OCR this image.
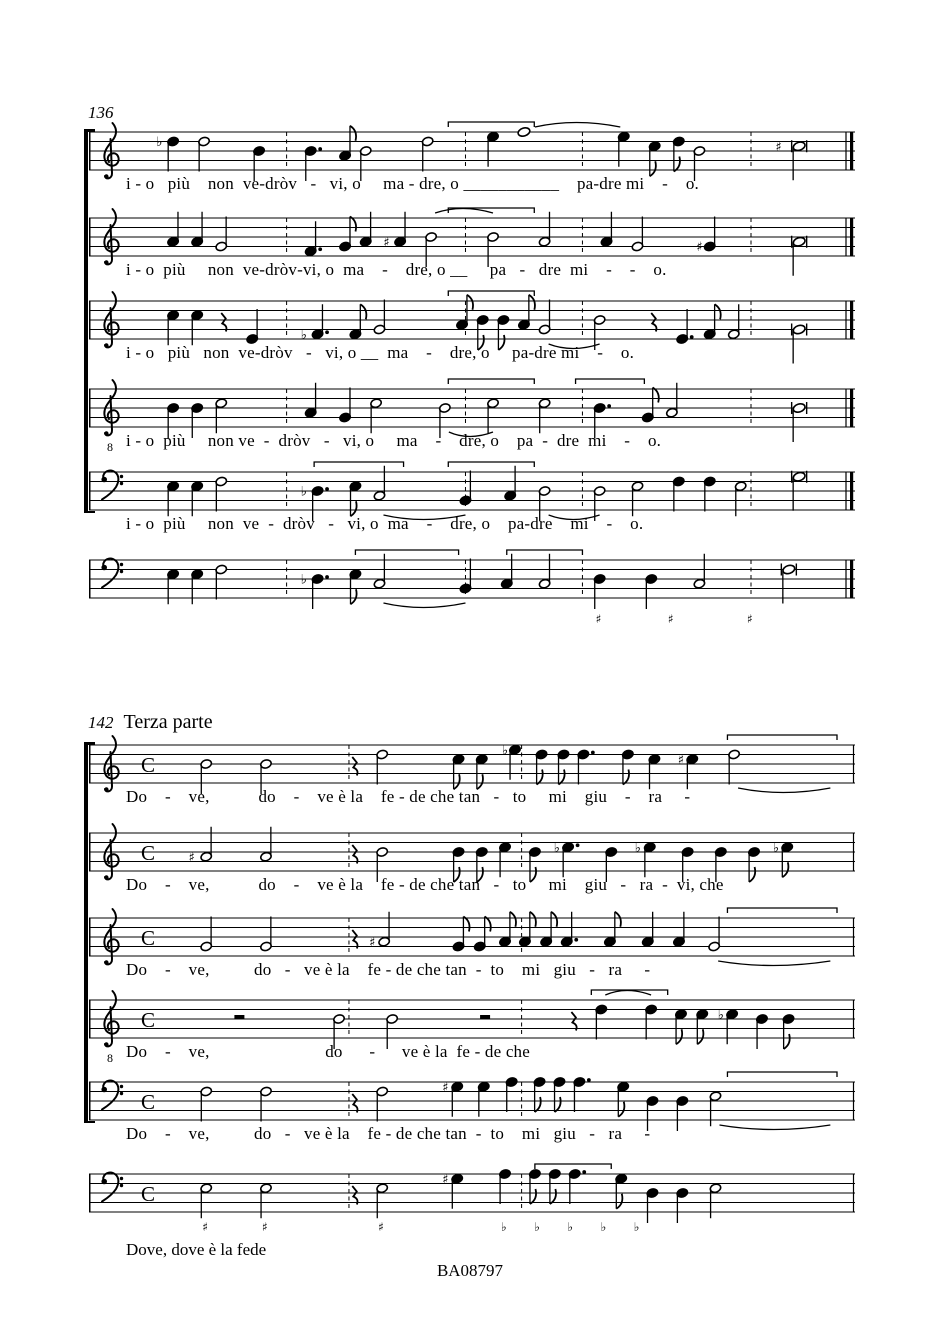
136
142 Terza parte
♭	♯
i - o   più    non  ve-dròv   -   vi, o     ma - dre, o ___________    pa-dre mi    -    o.
♯	♯
i - o  più     non  ve-dròv-vi, o  ma    -    dre, o __     pa   -   dre  mi    -    -    o.
♭
i - o   più   non  ve-dròv   -   vi, o __  ma    -    dre, o     pa-dre mi    -    o.
8 i - o  più     non ve  -  dròv   -   vi, o     ma    -    dre, o    pa  -  dre  mi    -    o.
♭
i - o  più     non  ve  -  dròv   -   vi, o  ma    -    dre, o    pa-dre    mi    -    o.
♭
♯	♯	♯
C
♭
♯
Do    -    ve,           do    -    ve è la    fe - de che tan   -   to     mi    giu    -    ra     -
C	♯
♭	♭	♭
Do    -    ve,           do    -    ve è la    fe - de che tan   -   to     mi    giu   -   ra  -  vi, che
C	♯
Do    -    ve,          do   -   ve è la    fe - de che tan  -  to    mi   giu   -   ra     -
8
C	♭
Do    -    ve,                          do      -      ve è la  fe - de che
C
♯
Do    -    ve,          do   -   ve è la    fe - de che tan  -  to    mi   giu   -   ra     -
C
♯
♯	♯	♯	♭ ♭ ♭ ♭ ♭
Dove, dove è la fede
BA08797
